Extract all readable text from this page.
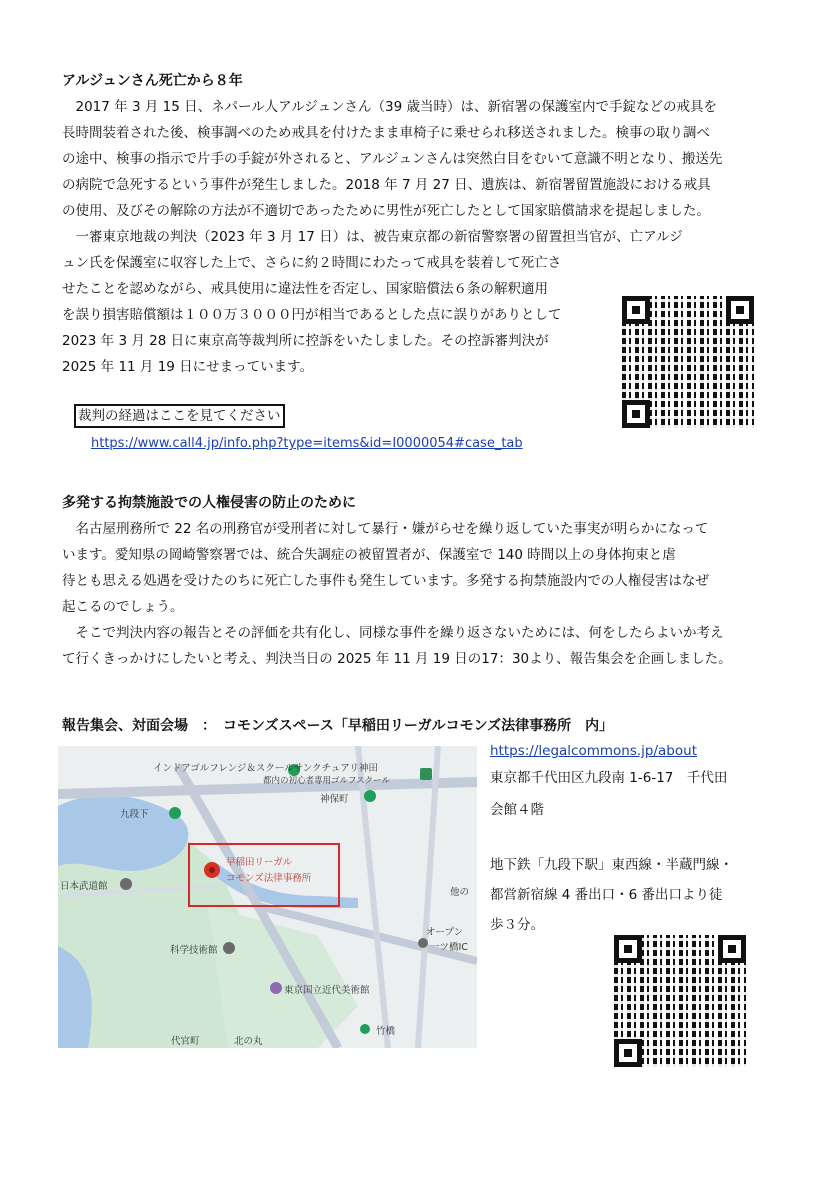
アルジュンさん死亡から８年
　2017 年 3 月 15 日、ネパール人アルジュンさん（39 歳当時）は、新宿署の保護室内で手錠などの戒具を
長時間装着された後、検事調べのため戒具を付けたまま車椅子に乗せられ移送されました。検事の取り調べ
の途中、検事の指示で片手の手錠が外されると、アルジュンさんは突然白目をむいて意識不明となり、搬送先
の病院で急死するという事件が発生しました。2018 年 7 月 27 日、遺族は、新宿署留置施設における戒具
の使用、及びその解除の方法が不適切であったために男性が死亡したとして国家賠償請求を提起しました。
　一審東京地裁の判決（2023 年 3 月 17 日）は、被告東京都の新宿警察署の留置担当官が、亡アルジ
ュン氏を保護室に収容した上で、さらに約２時間にわたって戒具を装着して死亡さ
せたことを認めながら、戒具使用に違法性を否定し、国家賠償法６条の解釈適用
を誤り損害賠償額は１００万３０００円が相当であるとした点に誤りがありとして
2023 年 3 月 28 日に東京高等裁判所に控訴をいたしました。その控訴審判決が
2025 年 11 月 19 日にせまっています。
裁判の経過はここを見てください
https://www.call4.jp/info.php?type=items&id=I0000054#case_tab
多発する拘禁施設での人権侵害の防止のために
　名古屋刑務所で 22 名の刑務官が受刑者に対して暴行・嫌がらせを繰り返していた事実が明らかになって
います。愛知県の岡崎警察署では、統合失調症の被留置者が、保護室で 140 時間以上の身体拘束と虐
待とも思える処遇を受けたのちに死亡した事件も発生しています。多発する拘禁施設内での人権侵害はなぜ
起こるのでしょう。
　そこで判決内容の報告とその評価を共有化し、同様な事件を繰り返さないためには、何をしたらよいか考え
て行くきっかけにしたいと考え、判決当日の 2025 年 11 月 19 日の17：30より、報告集会を企画しました。
報告集会、対面会場　：　コモンズスペース「早稲田リーガルコモンズ法律事務所　内」
https://legalcommons.jp/about
東京都千代田区九段南 1-6-17　千代田
会館４階
地下鉄「九段下駅」東西線・半蔵門線・
都営新宿線 4 番出口・6 番出口より徒
歩３分。
インドアゴルフレンジ＆スクールサンクチュアリ神田
都内の初心者専用ゴルフスクール
九段下
神保町
日本武道館
早稲田リーガル
コモンズ法律事務所
科学技術館
東京国立近代美術館
一ツ橋IC
竹橋
代官町	北の丸
他の
オープン
